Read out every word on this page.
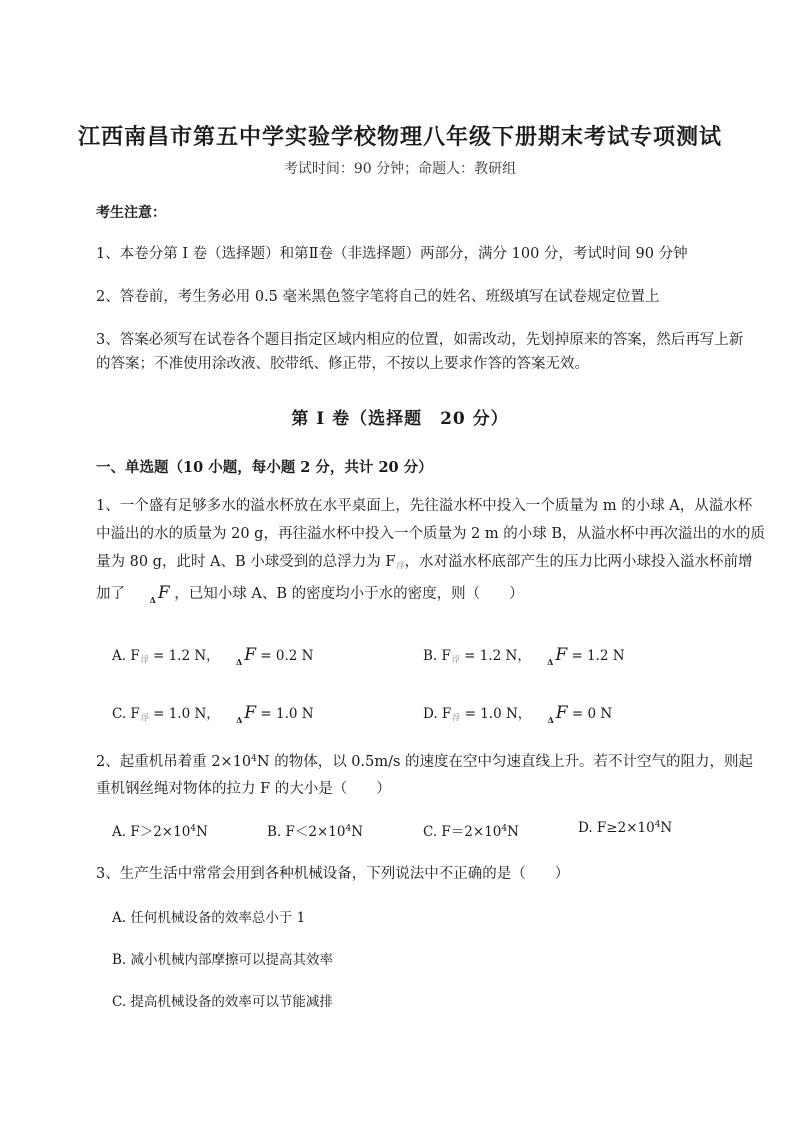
江西南昌市第五中学实验学校物理八年级下册期末考试专项测试
考试时间：90 分钟；命题人：教研组
考生注意：
1、本卷分第 I 卷（选择题）和第Ⅱ卷（非选择题）两部分，满分 100 分，考试时间 90 分钟
2、答卷前，考生务必用 0.5 毫米黑色签字笔将自己的姓名、班级填写在试卷规定位置上
3、答案必须写在试卷各个题目指定区域内相应的位置，如需改动，先划掉原来的答案，然后再写上新
的答案；不准使用涂改液、胶带纸、修正带，不按以上要求作答的答案无效。
第 I 卷（选择题　20 分）
一、单选题（10 小题，每小题 2 分，共计 20 分）
1、一个盛有足够多水的溢水杯放在水平桌面上，先往溢水杯中投入一个质量为 m 的小球 A，从溢水杯
中溢出的水的质量为 20 g，再往溢水杯中投入一个质量为 2 m 的小球 B，从溢水杯中再次溢出的水的质
量为 80 g，此时 A、B 小球受到的总浮力为 $F_浮$，水对溢水杯底部产生的压力比两小球投入溢水杯前增
加了	$_\Delta$ F ，已知小球 A、B 的密度均小于水的密度，则（　　）
A. $F_浮 = 1.2$ N， $_\Delta$ F = 0.2 N	B. $F_浮 = 1.2$ N， $_\Delta$ F = 1.2 N
C. $F_浮 = 1.0$ N， $_\Delta$ F = 1.0 N	D. $F_浮 = 1.0$ N， $_\Delta$ F = 0 N
2、起重机吊着重 $2\times 10^4N$ 的物体，以 0.5m/s 的速度在空中匀速直线上升。若不计空气的阻力，则起
重机钢丝绳对物体的拉力 F 的大小是（　　）
A. $F>2\times 10^4N$	B. $F<2\times 10^4N$	C. $F=2\times 10^4N$	D. $F\ge 2\times 10^4N$
3、生产生活中常常会用到各种机械设备，下列说法中不正确的是（　　）
A. 任何机械设备的效率总小于 1
B. 减小机械内部摩擦可以提高其效率
C. 提高机械设备的效率可以节能减排
